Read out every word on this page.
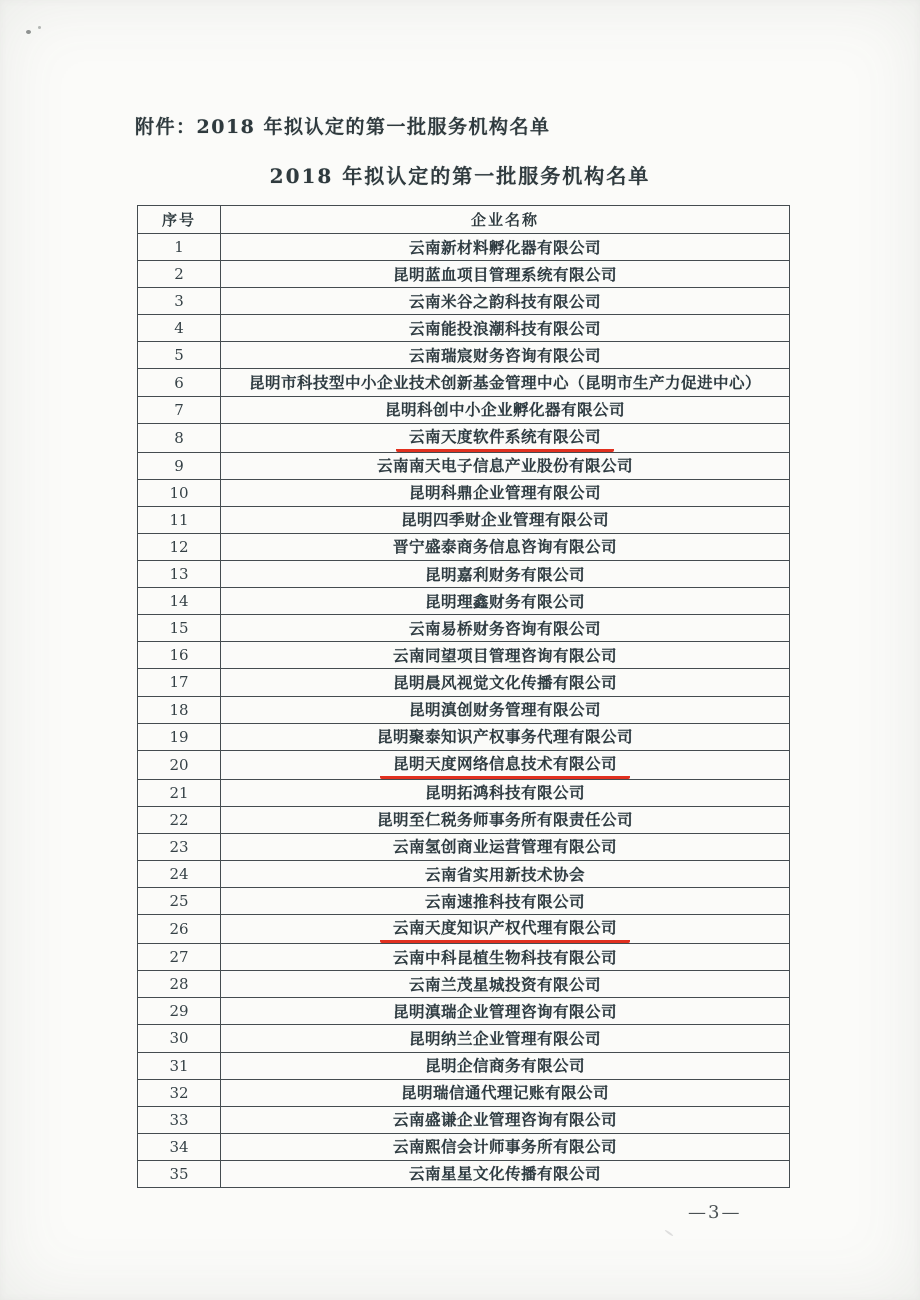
附件：2018 年拟认定的第一批服务机构名单
2018 年拟认定的第一批服务机构名单
序号	企业名称
1	云南新材料孵化器有限公司
2	昆明蓝血项目管理系统有限公司
3	云南米谷之韵科技有限公司
4	云南能投浪潮科技有限公司
5	云南瑞宸财务咨询有限公司
6	昆明市科技型中小企业技术创新基金管理中心（昆明市生产力促进中心）
7	昆明科创中小企业孵化器有限公司
8	云南天度软件系统有限公司
9	云南南天电子信息产业股份有限公司
10	昆明科鼎企业管理有限公司
11	昆明四季财企业管理有限公司
12	晋宁盛泰商务信息咨询有限公司
13	昆明嘉利财务有限公司
14	昆明理鑫财务有限公司
15	云南易桥财务咨询有限公司
16	云南同望项目管理咨询有限公司
17	昆明晨风视觉文化传播有限公司
18	昆明滇创财务管理有限公司
19	昆明聚泰知识产权事务代理有限公司
20	昆明天度网络信息技术有限公司
21	昆明拓鸿科技有限公司
22	昆明至仁税务师事务所有限责任公司
23	云南氢创商业运营管理有限公司
24	云南省实用新技术协会
25	云南速推科技有限公司
26	云南天度知识产权代理有限公司
27	云南中科昆植生物科技有限公司
28	云南兰茂星城投资有限公司
29	昆明滇瑞企业管理咨询有限公司
30	昆明纳兰企业管理有限公司
31	昆明企信商务有限公司
32	昆明瑞信通代理记账有限公司
33	云南盛谦企业管理咨询有限公司
34	云南熙信会计师事务所有限公司
35	云南星星文化传播有限公司
—3—
